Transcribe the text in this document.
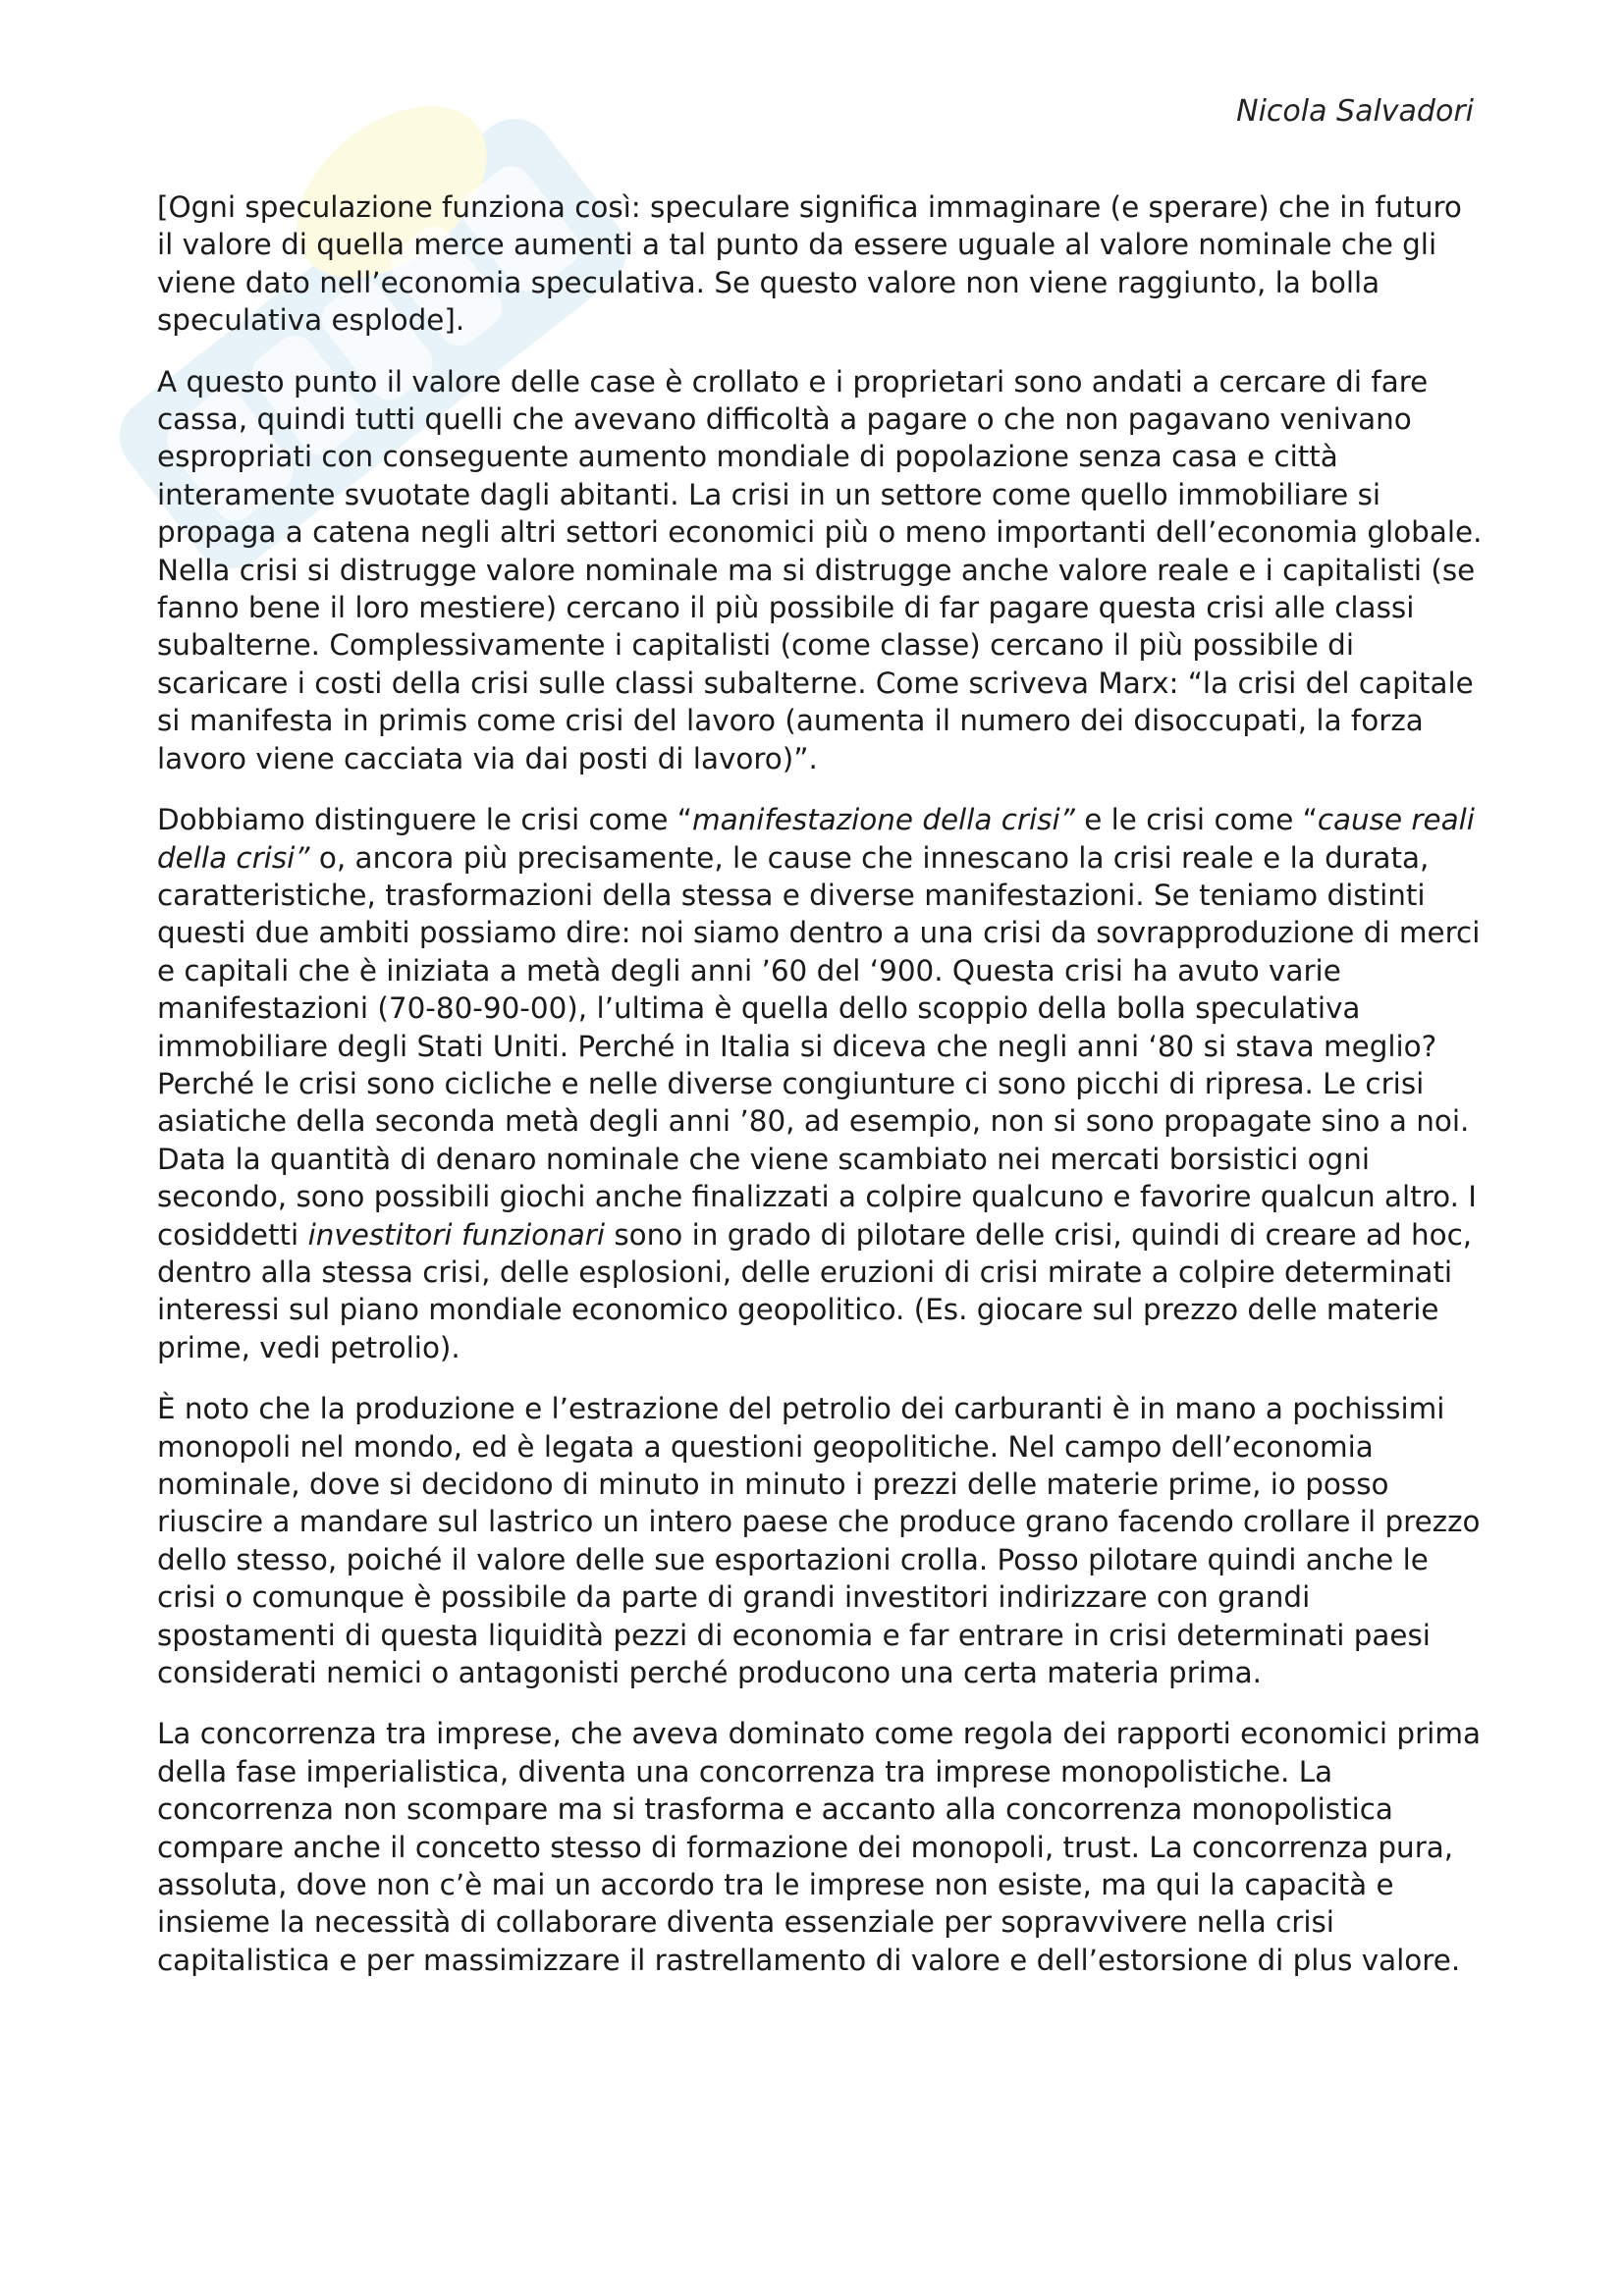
Nicola Salvadori

[Ogni speculazione funziona così: speculare significa immaginare (e sperare) che in futuro il valore di quella merce aumenti a tal punto da essere uguale al valore nominale che gli viene dato nell’economia speculativa. Se questo valore non viene raggiunto, la bolla speculativa esplode].

A questo punto il valore delle case è crollato e i proprietari sono andati a cercare di fare cassa, quindi tutti quelli che avevano difficoltà a pagare o che non pagavano venivano espropriati con conseguente aumento mondiale di popolazione senza casa e città interamente svuotate dagli abitanti. La crisi in un settore come quello immobiliare si propaga a catena negli altri settori economici più o meno importanti dell’economia globale. Nella crisi si distrugge valore nominale ma si distrugge anche valore reale e i capitalisti (se fanno bene il loro mestiere) cercano il più possibile di far pagare questa crisi alle classi subalterne. Complessivamente i capitalisti (come classe) cercano il più possibile di scaricare i costi della crisi sulle classi subalterne. Come scriveva Marx: “la crisi del capitale si manifesta in primis come crisi del lavoro (aumenta il numero dei disoccupati, la forza lavoro viene cacciata via dai posti di lavoro)”.

Dobbiamo distinguere le crisi come “manifestazione della crisi” e le crisi come “cause reali della crisi” o, ancora più precisamente, le cause che innescano la crisi reale e la durata, caratteristiche, trasformazioni della stessa e diverse manifestazioni. Se teniamo distinti questi due ambiti possiamo dire: noi siamo dentro a una crisi da sovrapproduzione di merci e capitali che è iniziata a metà degli anni ’60 del ‘900. Questa crisi ha avuto varie manifestazioni (70-80-90-00), l’ultima è quella dello scoppio della bolla speculativa immobiliare degli Stati Uniti. Perché in Italia si diceva che negli anni ‘80 si stava meglio? Perché le crisi sono cicliche e nelle diverse congiunture ci sono picchi di ripresa. Le crisi asiatiche della seconda metà degli anni ’80, ad esempio, non si sono propagate sino a noi. Data la quantità di denaro nominale che viene scambiato nei mercati borsistici ogni secondo, sono possibili giochi anche finalizzati a colpire qualcuno e favorire qualcun altro. I cosiddetti investitori funzionari sono in grado di pilotare delle crisi, quindi di creare ad hoc, dentro alla stessa crisi, delle esplosioni, delle eruzioni di crisi mirate a colpire determinati interessi sul piano mondiale economico geopolitico. (Es. giocare sul prezzo delle materie prime, vedi petrolio).

È noto che la produzione e l’estrazione del petrolio dei carburanti è in mano a pochissimi monopoli nel mondo, ed è legata a questioni geopolitiche. Nel campo dell’economia nominale, dove si decidono di minuto in minuto i prezzi delle materie prime, io posso riuscire a mandare sul lastrico un intero paese che produce grano facendo crollare il prezzo dello stesso, poiché il valore delle sue esportazioni crolla. Posso pilotare quindi anche le crisi o comunque è possibile da parte di grandi investitori indirizzare con grandi spostamenti di questa liquidità pezzi di economia e far entrare in crisi determinati paesi considerati nemici o antagonisti perché producono una certa materia prima.

La concorrenza tra imprese, che aveva dominato come regola dei rapporti economici prima della fase imperialistica, diventa una concorrenza tra imprese monopolistiche. La concorrenza non scompare ma si trasforma e accanto alla concorrenza monopolistica compare anche il concetto stesso di formazione dei monopoli, trust. La concorrenza pura, assoluta, dove non c’è mai un accordo tra le imprese non esiste, ma qui la capacità e insieme la necessità di collaborare diventa essenziale per sopravvivere nella crisi capitalistica e per massimizzare il rastrellamento di valore e dell’estorsione di plus valore.
